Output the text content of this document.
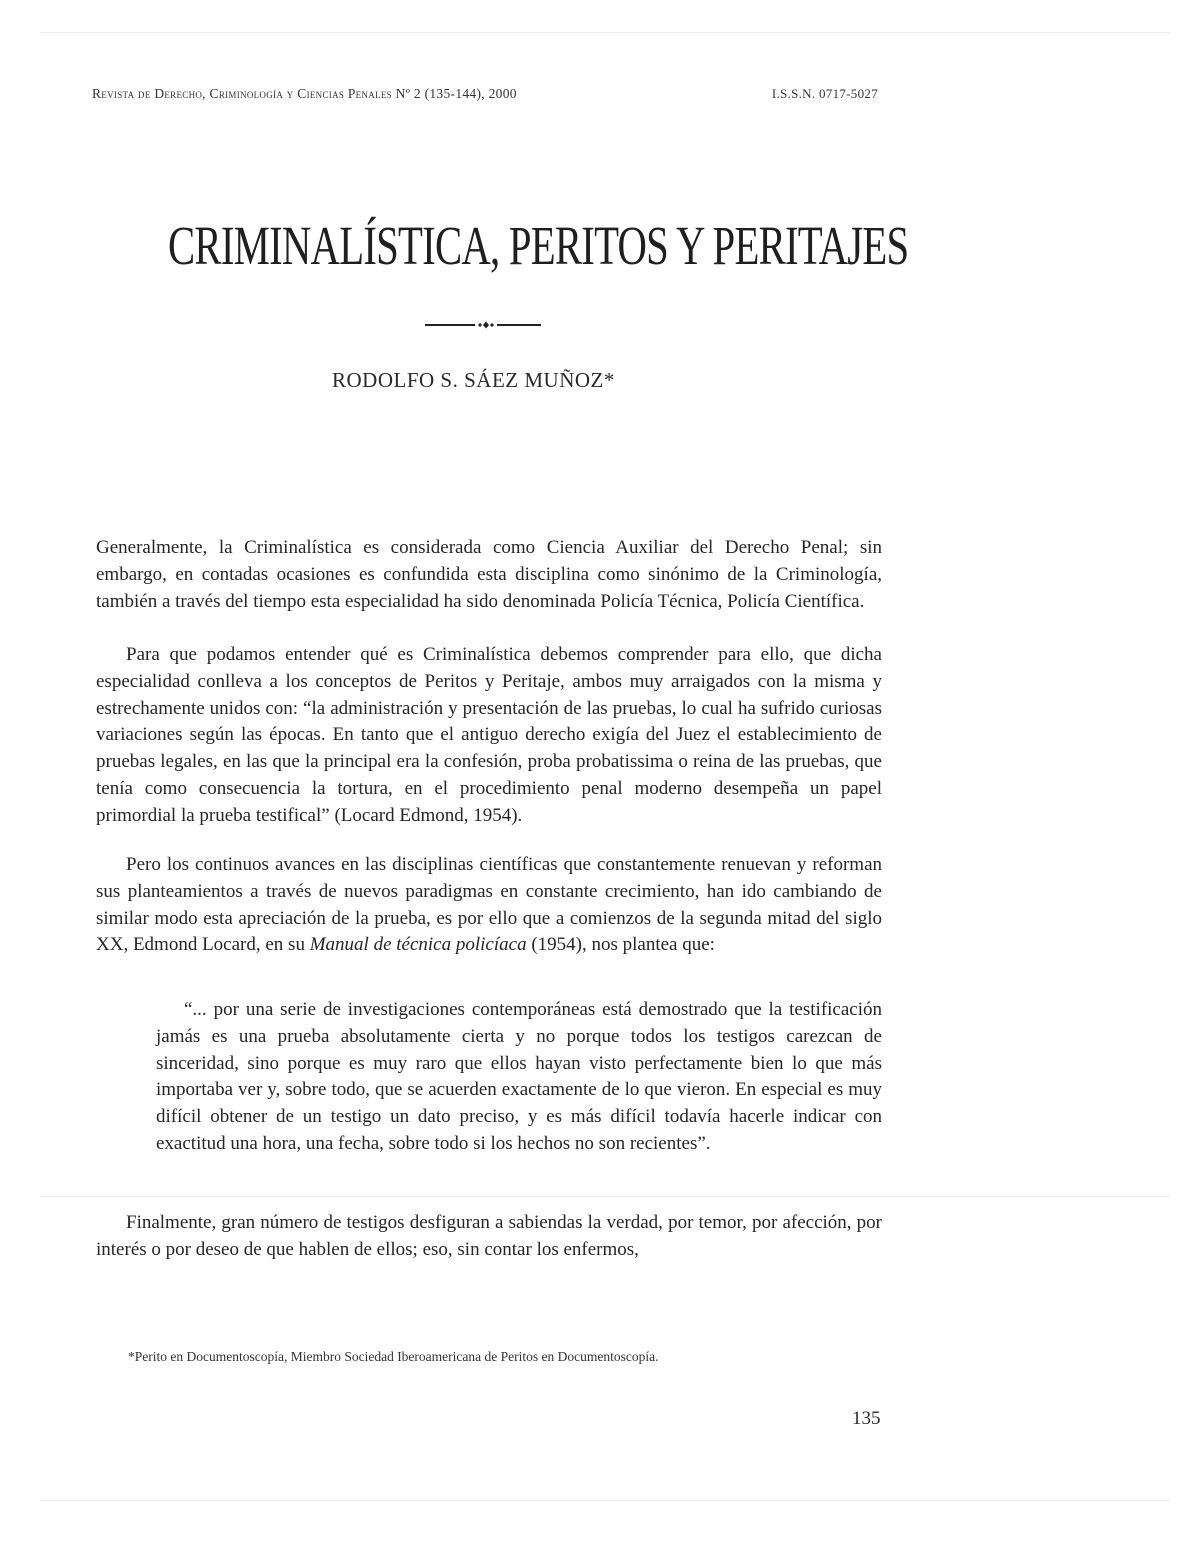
Revista de Derecho, Criminología y Ciencias Penales Nº 2 (135-144), 2000	I.S.S.N. 0717-5027
CRIMINALÍSTICA, PERITOS Y PERITAJES
RODOLFO S. SÁEZ MUÑOZ*

Generalmente, la Criminalística es considerada como Ciencia Auxiliar del Derecho Penal; sin embargo, en contadas ocasiones es confundida esta disciplina como sinónimo de la Criminología, también a través del tiempo esta especialidad ha sido denominada Policía Técnica, Policía Científica.

Para que podamos entender qué es Criminalística debemos comprender para ello, que dicha especialidad conlleva a los conceptos de Peritos y Peritaje, ambos muy arraigados con la misma y estrechamente unidos con: “la administración y presentación de las pruebas, lo cual ha sufrido curiosas variaciones según las épocas. En tanto que el antiguo derecho exigía del Juez el establecimiento de pruebas legales, en las que la principal era la confesión, proba probatissima o reina de las pruebas, que tenía como consecuencia la tortura, en el procedimiento penal moderno desempeña un papel primordial la prueba testifical” (Locard Edmond, 1954).

Pero los continuos avances en las disciplinas científicas que constantemente renuevan y reforman sus planteamientos a través de nuevos paradigmas en constante crecimiento, han ido cambiando de similar modo esta apreciación de la prueba, es por ello que a comienzos de la segunda mitad del siglo XX, Edmond Locard, en su Manual de técnica policíaca (1954), nos plantea que:

“... por una serie de investigaciones contemporáneas está demostrado que la testificación jamás es una prueba absolutamente cierta y no porque todos los testigos carezcan de sinceridad, sino porque es muy raro que ellos hayan visto perfectamente bien lo que más importaba ver y, sobre todo, que se acuerden exactamente de lo que vieron. En especial es muy difícil obtener de un testigo un dato preciso, y es más difícil todavía hacerle indicar con exactitud una hora, una fecha, sobre todo si los hechos no son recientes”.

Finalmente, gran número de testigos desfiguran a sabiendas la verdad, por temor, por afección, por interés o por deseo de que hablen de ellos; eso, sin contar los enfermos,

*Perito en Documentoscopía, Miembro Sociedad Iberoamericana de Peritos en Documentoscopía.
135
